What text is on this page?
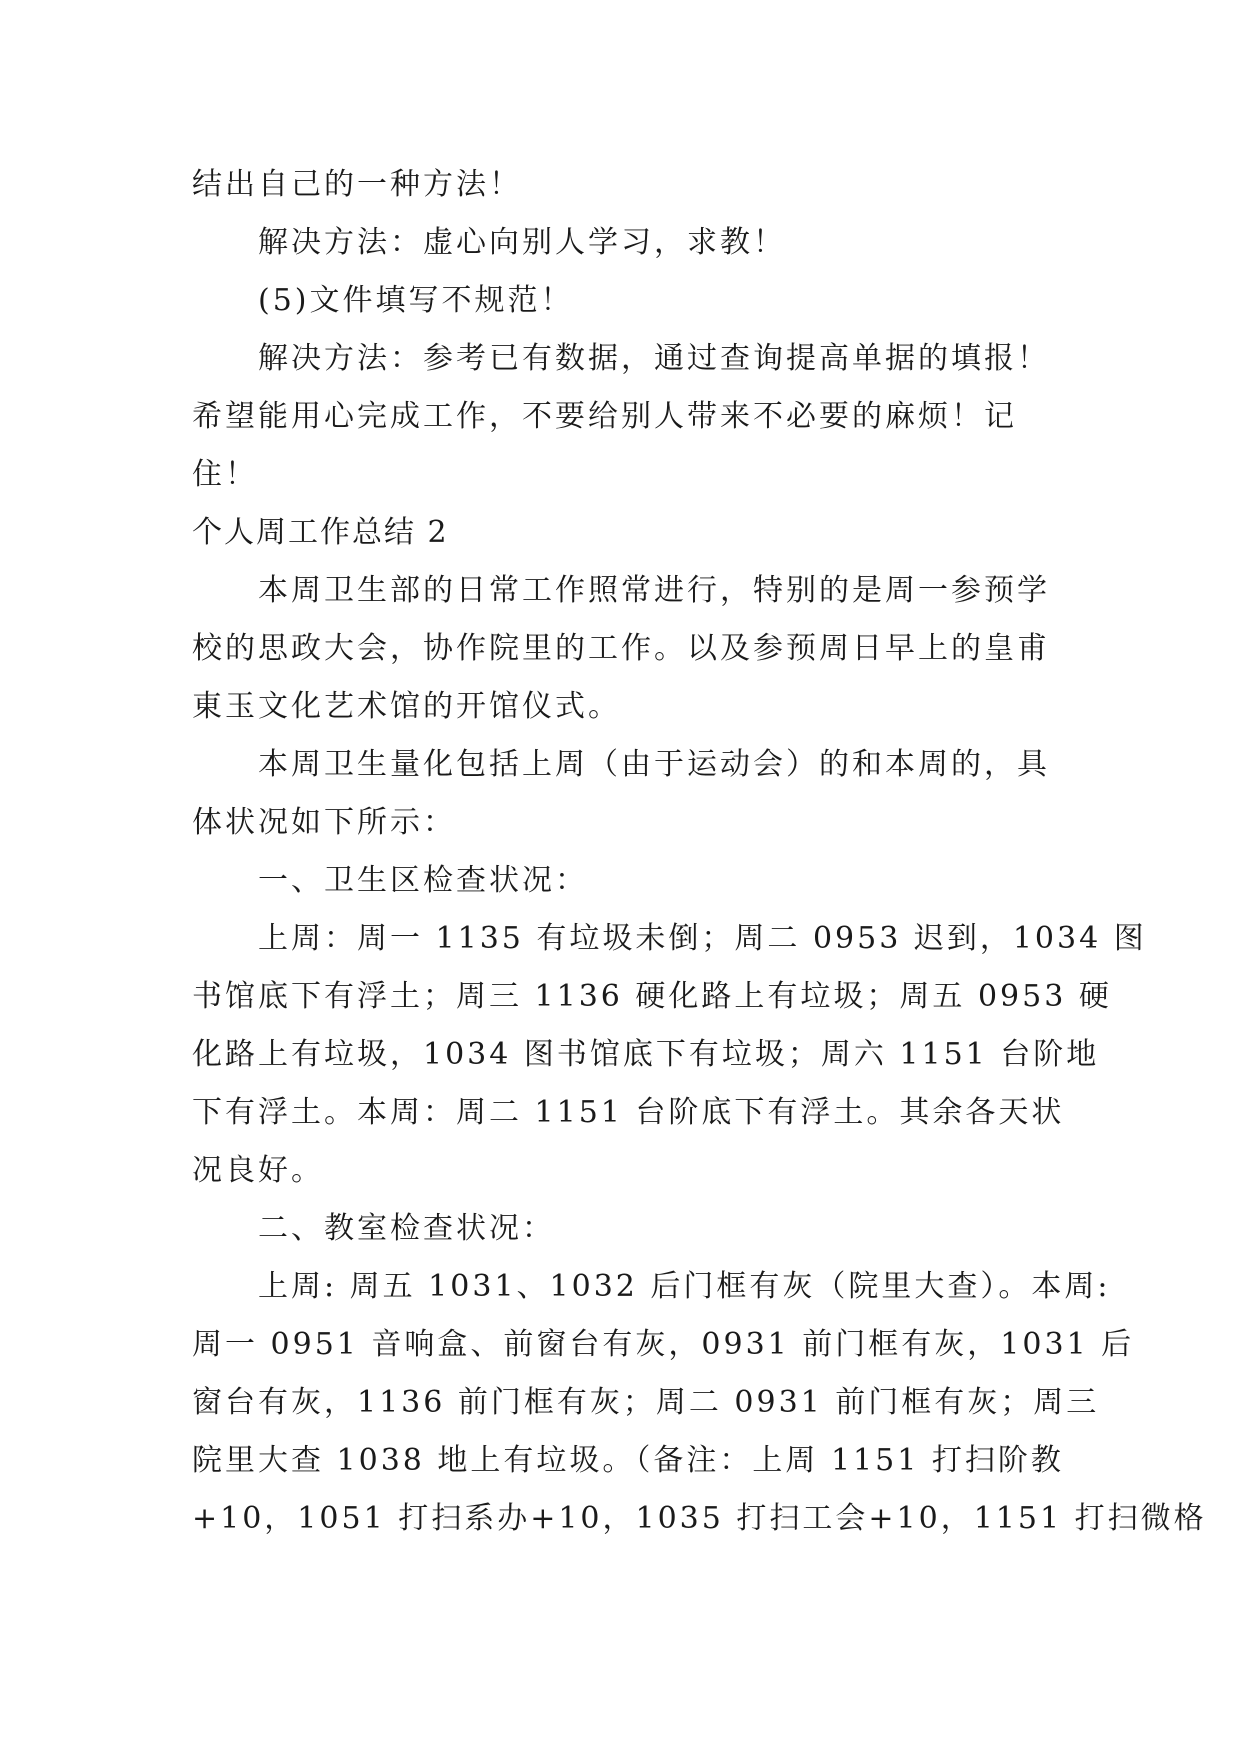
结出自己的一种方法！
解决方法：虚心向别人学习，求教！
(5)文件填写不规范！
解决方法：参考已有数据，通过查询提高单据的填报！
希望能用心完成工作，不要给别人带来不必要的麻烦！记
住！
个人周工作总结 2
本周卫生部的日常工作照常进行，特别的是周一参预学
校的思政大会，协作院里的工作。以及参预周日早上的皇甫
東玉文化艺术馆的开馆仪式。
本周卫生量化包括上周（由于运动会）的和本周的，具
体状况如下所示：
一、卫生区检查状况：
上周：周一 1135 有垃圾未倒；周二 0953 迟到，1034 图
书馆底下有浮土；周三 1136 硬化路上有垃圾；周五 0953 硬
化路上有垃圾，1034 图书馆底下有垃圾；周六 1151 台阶地
下有浮土。本周：周二 1151 台阶底下有浮土。其余各天状
况良好。
二、教室检查状况：
上周: 周五 1031、1032 后门框有灰（院里大查）。本周:
周一 0951 音响盒、前窗台有灰，0931 前门框有灰，1031 后
窗台有灰，1136 前门框有灰；周二 0931 前门框有灰；周三
院里大查 1038 地上有垃圾。（备注：上周 1151 打扫阶教
+10，1051 打扫系办+10，1035 打扫工会+10，1151 打扫微格
